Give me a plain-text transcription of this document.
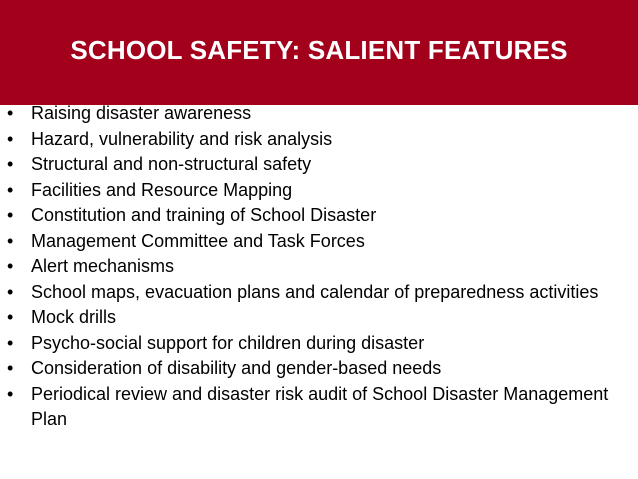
SCHOOL SAFETY: SALIENT FEATURES
• Raising disaster awareness
• Hazard, vulnerability and risk analysis
• Structural and non-structural safety
• Facilities and Resource Mapping
• Constitution and training of School Disaster
• Management Committee and Task Forces
• Alert mechanisms
• School maps, evacuation plans and calendar of preparedness activities
• Mock drills
• Psycho-social support for children during disaster
• Consideration of disability and gender-based needs
• Periodical review and disaster risk audit of School Disaster Management Plan
